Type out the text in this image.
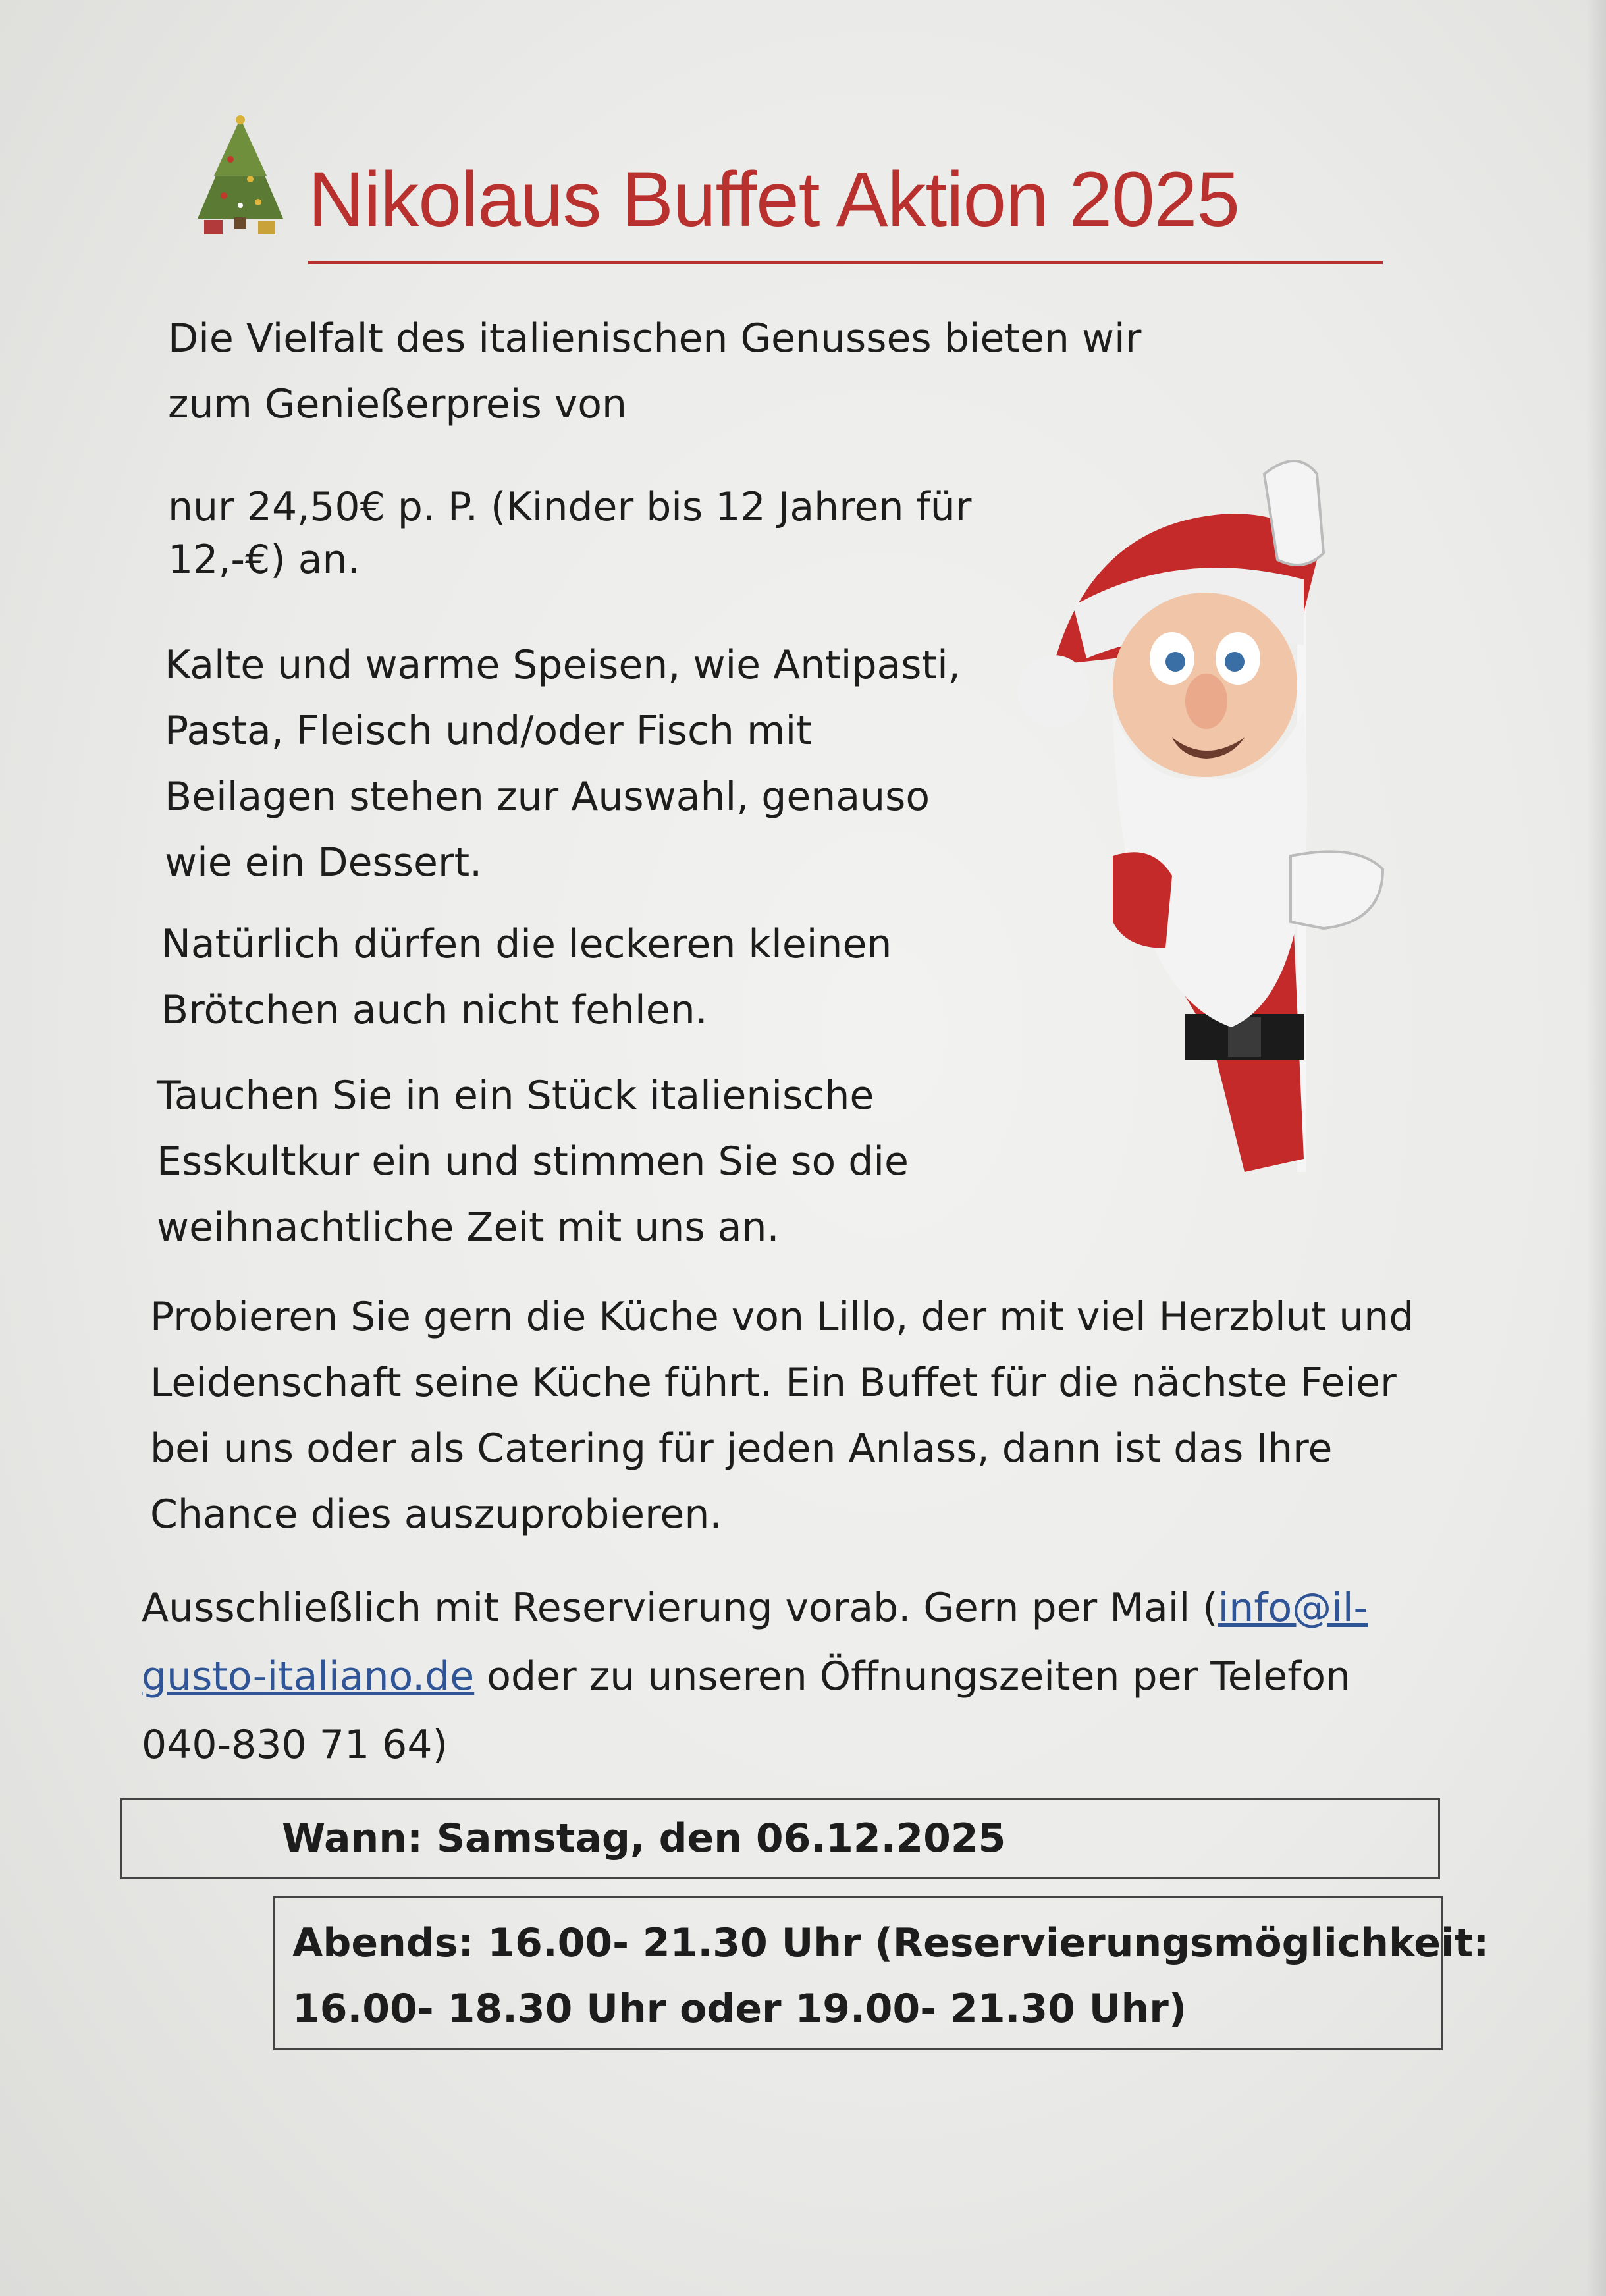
Nikolaus Buffet Aktion 2025

Die Vielfalt des italienischen Genusses bieten wir
zum Genießerpreis von

nur 24,50€ p. P. (Kinder bis 12 Jahren für
12,-€) an.

Kalte und warme Speisen, wie Antipasti,
Pasta, Fleisch und/oder Fisch mit
Beilagen stehen zur Auswahl, genauso
wie ein Dessert.

Natürlich dürfen die leckeren kleinen
Brötchen auch nicht fehlen.

Tauchen Sie in ein Stück italienische
Esskultkur ein und stimmen Sie so die
weihnachtliche Zeit mit uns an.

Probieren Sie gern die Küche von Lillo, der mit viel Herzblut und
Leidenschaft seine Küche führt. Ein Buffet für die nächste Feier
bei uns oder als Catering für jeden Anlass, dann ist das Ihre
Chance dies auszuprobieren.

Ausschließlich mit Reservierung vorab. Gern per Mail (info@il-
gusto-italiano.de oder zu unseren Öffnungszeiten per Telefon
040-830 71 64)

Wann: Samstag, den 06.12.2025
Abends: 16.00- 21.30 Uhr (Reservierungsmöglichkeit:
16.00- 18.30 Uhr oder 19.00- 21.30 Uhr)
